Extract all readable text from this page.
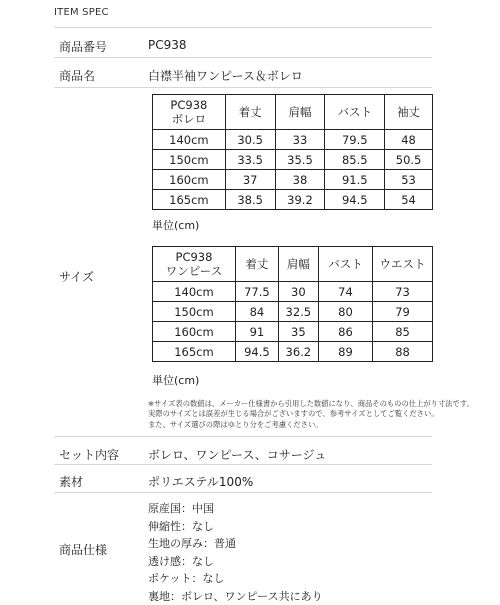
ITEM SPEC
商品番号	PC938
商品名	白襟半袖ワンピース＆ボレロ
サイズ
PC938
ボレロ	着丈	肩幅	バスト	袖丈
140cm	30.5	33	79.5	48
150cm	33.5	35.5	85.5	50.5
160cm	37	38	91.5	53
165cm	38.5	39.2	94.5	54
単位(cm)
PC938
ワンピース	着丈	肩幅	バスト	ウエスト
140cm	77.5	30	74	73
150cm	84	32.5	80	79
160cm	91	35	86	85
165cm	94.5	36.2	89	88
単位(cm)
※サイズ表の数値は、メーカー仕様書から引用した数値になり、商品そのものの仕上がり寸法です。
実際のサイズとは誤差が生じる場合がございますので、参考サイズとしてご覧ください。
また、サイズ選びの際はゆとり分をご考慮ください。
セット内容 ボレロ、ワンピース、コサージュ
素材	ポリエステル100%
商品仕様
原産国：中国
伸縮性：なし
生地の厚み：普通
透け感：なし
ポケット：なし
裏地：ボレロ、ワンピース共にあり
